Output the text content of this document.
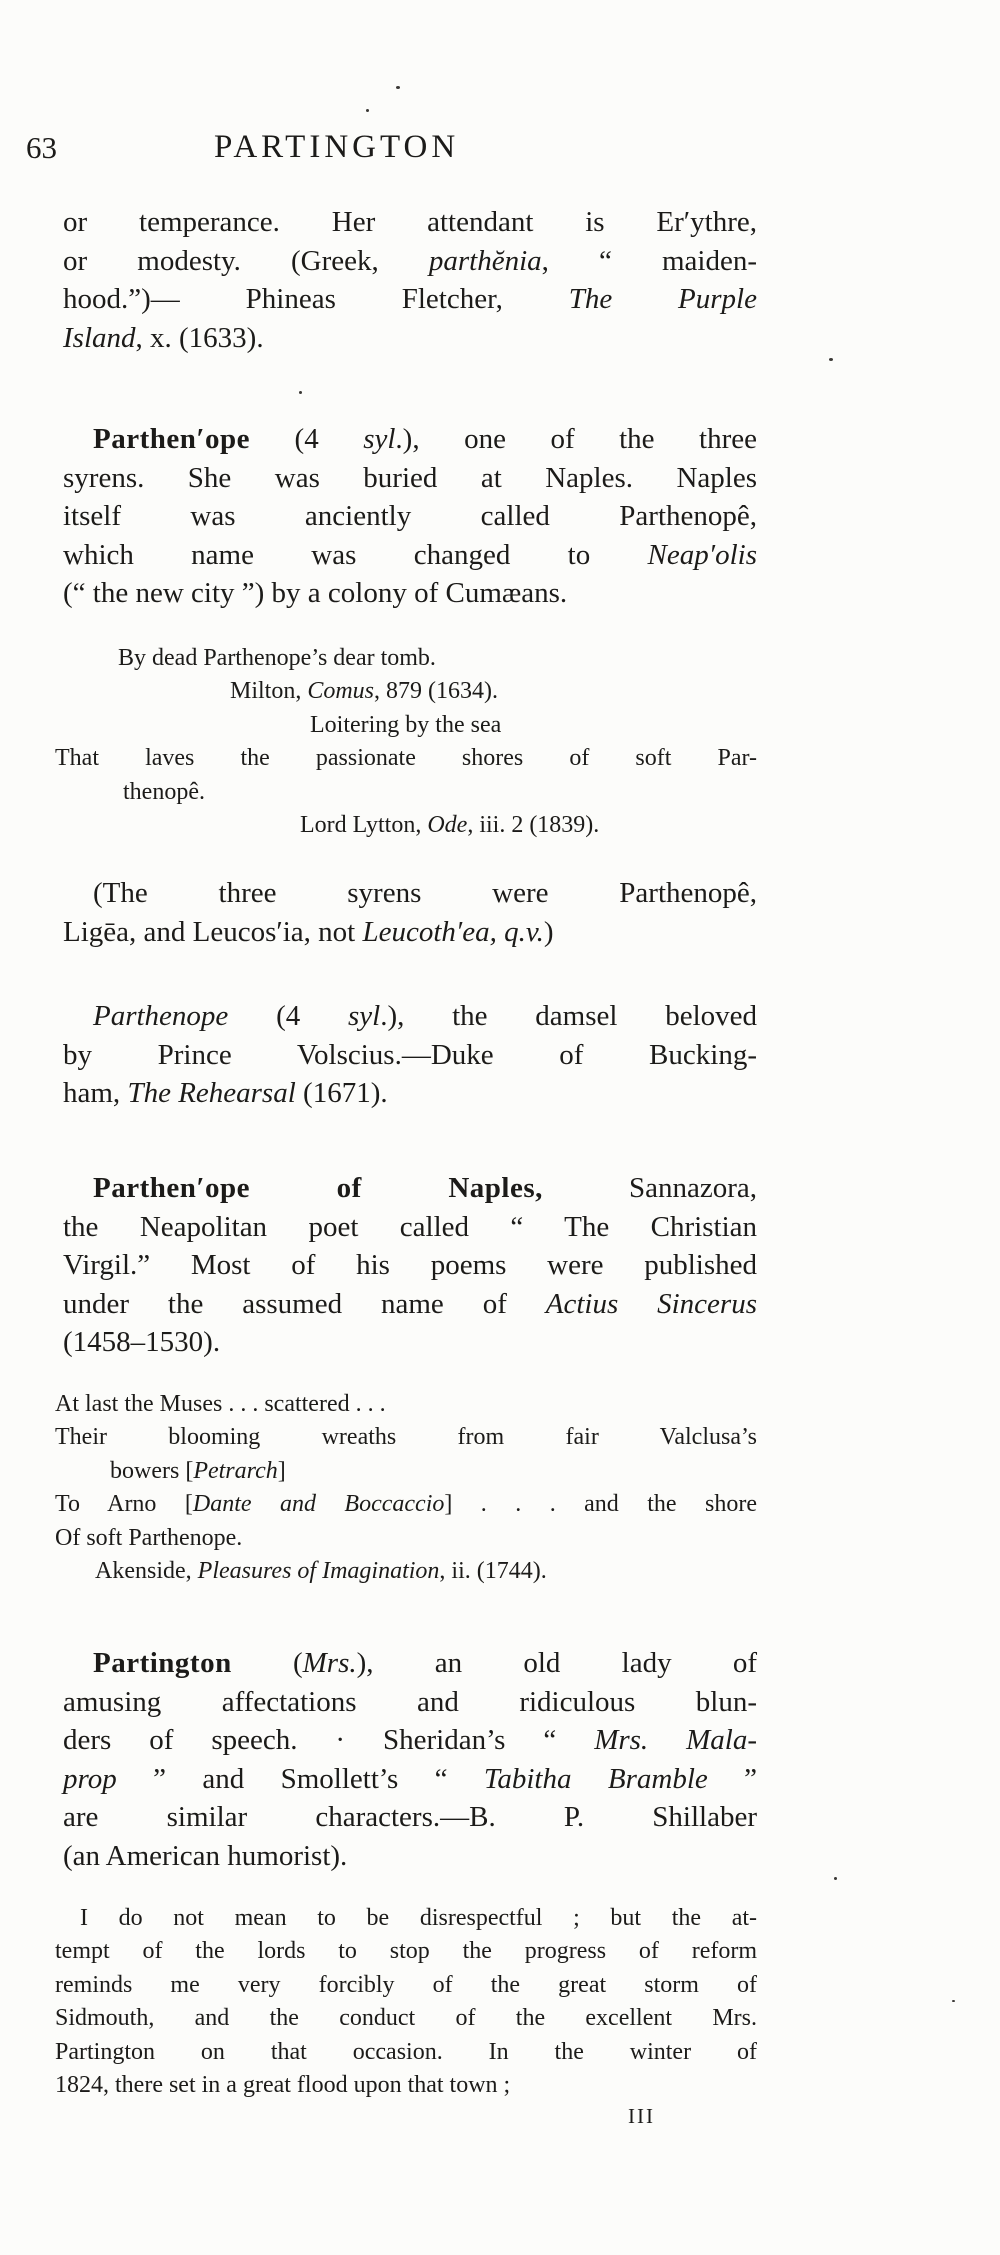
63	PARTINGTON
or temperance. Her attendant is Er′ythre,
or modesty. (Greek, parthĕnia, “ maiden-
hood.”)— Phineas Fletcher, The Purple
Island, x. (1633).
Parthen′ope (4 syl.), one of the three
syrens. She was buried at Naples. Naples
itself was anciently called Parthenopê,
which name was changed to Neap′olis
(“ the new city ”) by a colony of Cumæans.
By dead Parthenope’s dear tomb.
Milton, Comus, 879 (1634).
Loitering by the sea
That laves the passionate shores of soft Par-
thenopê.
Lord Lytton, Ode, iii. 2 (1839).
(The three syrens were Parthenopê,
Ligēa, and Leucos′ia, not Leucoth′ea, q.v.)
Parthenope (4 syl.), the damsel beloved
by Prince Volscius.—Duke of Bucking-
ham, The Rehearsal (1671).
Parthen′ope of Naples, Sannazora,
the Neapolitan poet called “ The Christian
Virgil.” Most of his poems were published
under the assumed name of Actius Sincerus
(1458–1530).
At last the Muses . . . scattered . . .
Their blooming wreaths from fair Valclusa’s
bowers [Petrarch]
To Arno [Dante and Boccaccio] . . . and the shore
Of soft Parthenope.
Akenside, Pleasures of Imagination, ii. (1744).
Partington (Mrs.), an old lady of
amusing affectations and ridiculous blun-
ders of speech. · Sheridan’s “ Mrs. Mala-
prop ” and Smollett’s “ Tabitha Bramble ”
are similar characters.—B. P. Shillaber
(an American humorist).
I do not mean to be disrespectful ; but the at-
tempt of the lords to stop the progress of reform
reminds me very forcibly of the great storm of
Sidmouth, and the conduct of the excellent Mrs.
Partington on that occasion. In the winter of
1824, there set in a great flood upon that town ;
III
